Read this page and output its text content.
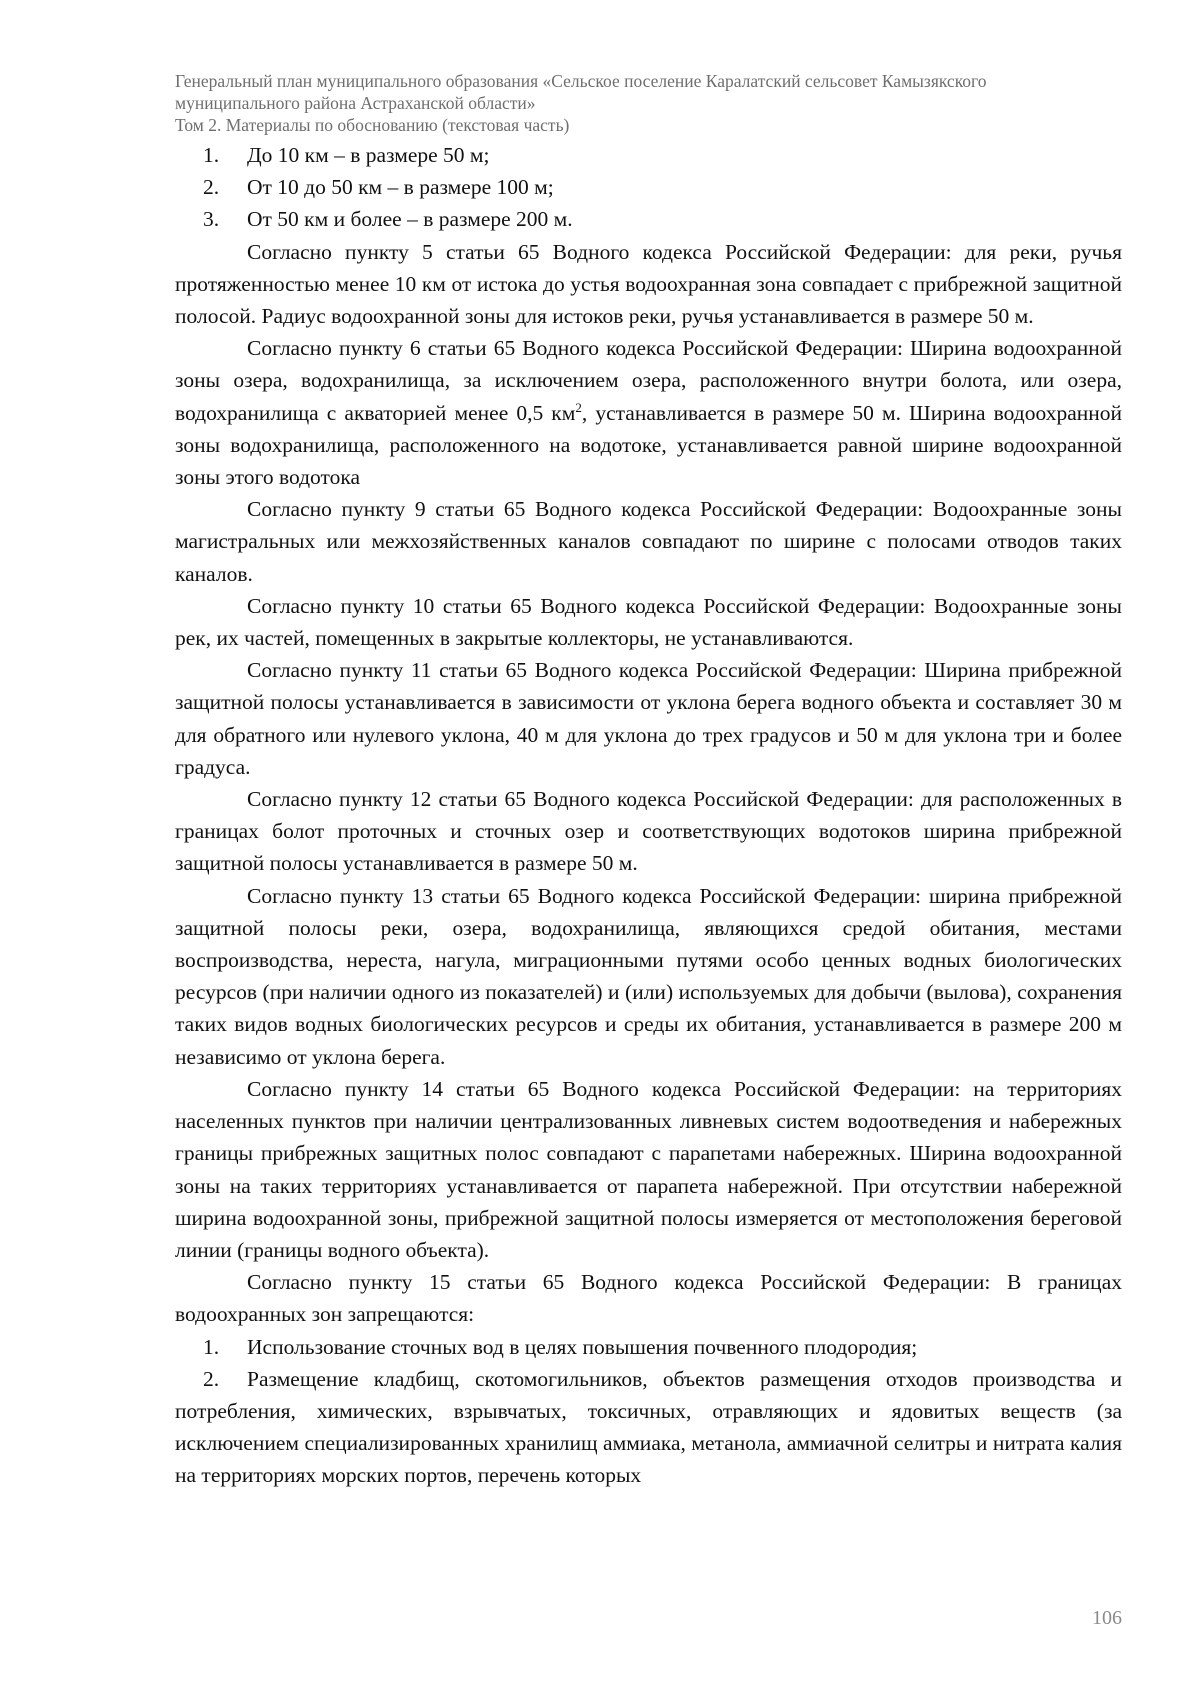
Генеральный план муниципального образования «Сельское поселение Каралатский сельсовет Камызякского
муниципального района Астраханской области»
Том 2. Материалы по обоснованию (текстовая часть)
1. До 10 км – в размере 50 м;
2. От 10 до 50 км – в размере 100 м;
3. От 50 км и более – в размере 200 м.
Согласно пункту 5 статьи 65 Водного кодекса Российской Федерации: для реки, ручья протяженностью менее 10 км от истока до устья водоохранная зона совпадает с прибрежной защитной полосой. Радиус водоохранной зоны для истоков реки, ручья устанавливается в размере 50 м.
Согласно пункту 6 статьи 65 Водного кодекса Российской Федерации: Ширина водоохранной зоны озера, водохранилища, за исключением озера, расположенного внутри болота, или озера, водохранилища с акваторией менее 0,5 $км^2$, устанавливается в размере 50 м. Ширина водоохранной зоны водохранилища, расположенного на водотоке, устанавливается равной ширине водоохранной зоны этого водотока
Согласно пункту 9 статьи 65 Водного кодекса Российской Федерации: Водоохранные зоны магистральных или межхозяйственных каналов совпадают по ширине с полосами отводов таких каналов.
Согласно пункту 10 статьи 65 Водного кодекса Российской Федерации: Водоохранные зоны рек, их частей, помещенных в закрытые коллекторы, не устанавливаются.
Согласно пункту 11 статьи 65 Водного кодекса Российской Федерации: Ширина прибрежной защитной полосы устанавливается в зависимости от уклона берега водного объекта и составляет 30 м для обратного или нулевого уклона, 40 м для уклона до трех градусов и 50 м для уклона три и более градуса.
Согласно пункту 12 статьи 65 Водного кодекса Российской Федерации: для расположенных в границах болот проточных и сточных озер и соответствующих водотоков ширина прибрежной защитной полосы устанавливается в размере 50 м.
Согласно пункту 13 статьи 65 Водного кодекса Российской Федерации: ширина прибрежной защитной полосы реки, озера, водохранилища, являющихся средой обитания, местами воспроизводства, нереста, нагула, миграционными путями особо ценных водных биологических ресурсов (при наличии одного из показателей) и (или) используемых для добычи (вылова), сохранения таких видов водных биологических ресурсов и среды их обитания, устанавливается в размере 200 м независимо от уклона берега.
Согласно пункту 14 статьи 65 Водного кодекса Российской Федерации: на территориях населенных пунктов при наличии централизованных ливневых систем водоотведения и набережных границы прибрежных защитных полос совпадают с парапетами набережных. Ширина водоохранной зоны на таких территориях устанавливается от парапета набережной. При отсутствии набережной ширина водоохранной зоны, прибрежной защитной полосы измеряется от местоположения береговой линии (границы водного объекта).
Согласно пункту 15 статьи 65 Водного кодекса Российской Федерации: В границах водоохранных зон запрещаются:
1. Использование сточных вод в целях повышения почвенного плодородия;
2. Размещение кладбищ, скотомогильников, объектов размещения отходов производства и потребления, химических, взрывчатых, токсичных, отравляющих и ядовитых веществ (за исключением специализированных хранилищ аммиака, метанола, аммиачной селитры и нитрата калия на территориях морских портов, перечень которых
106
